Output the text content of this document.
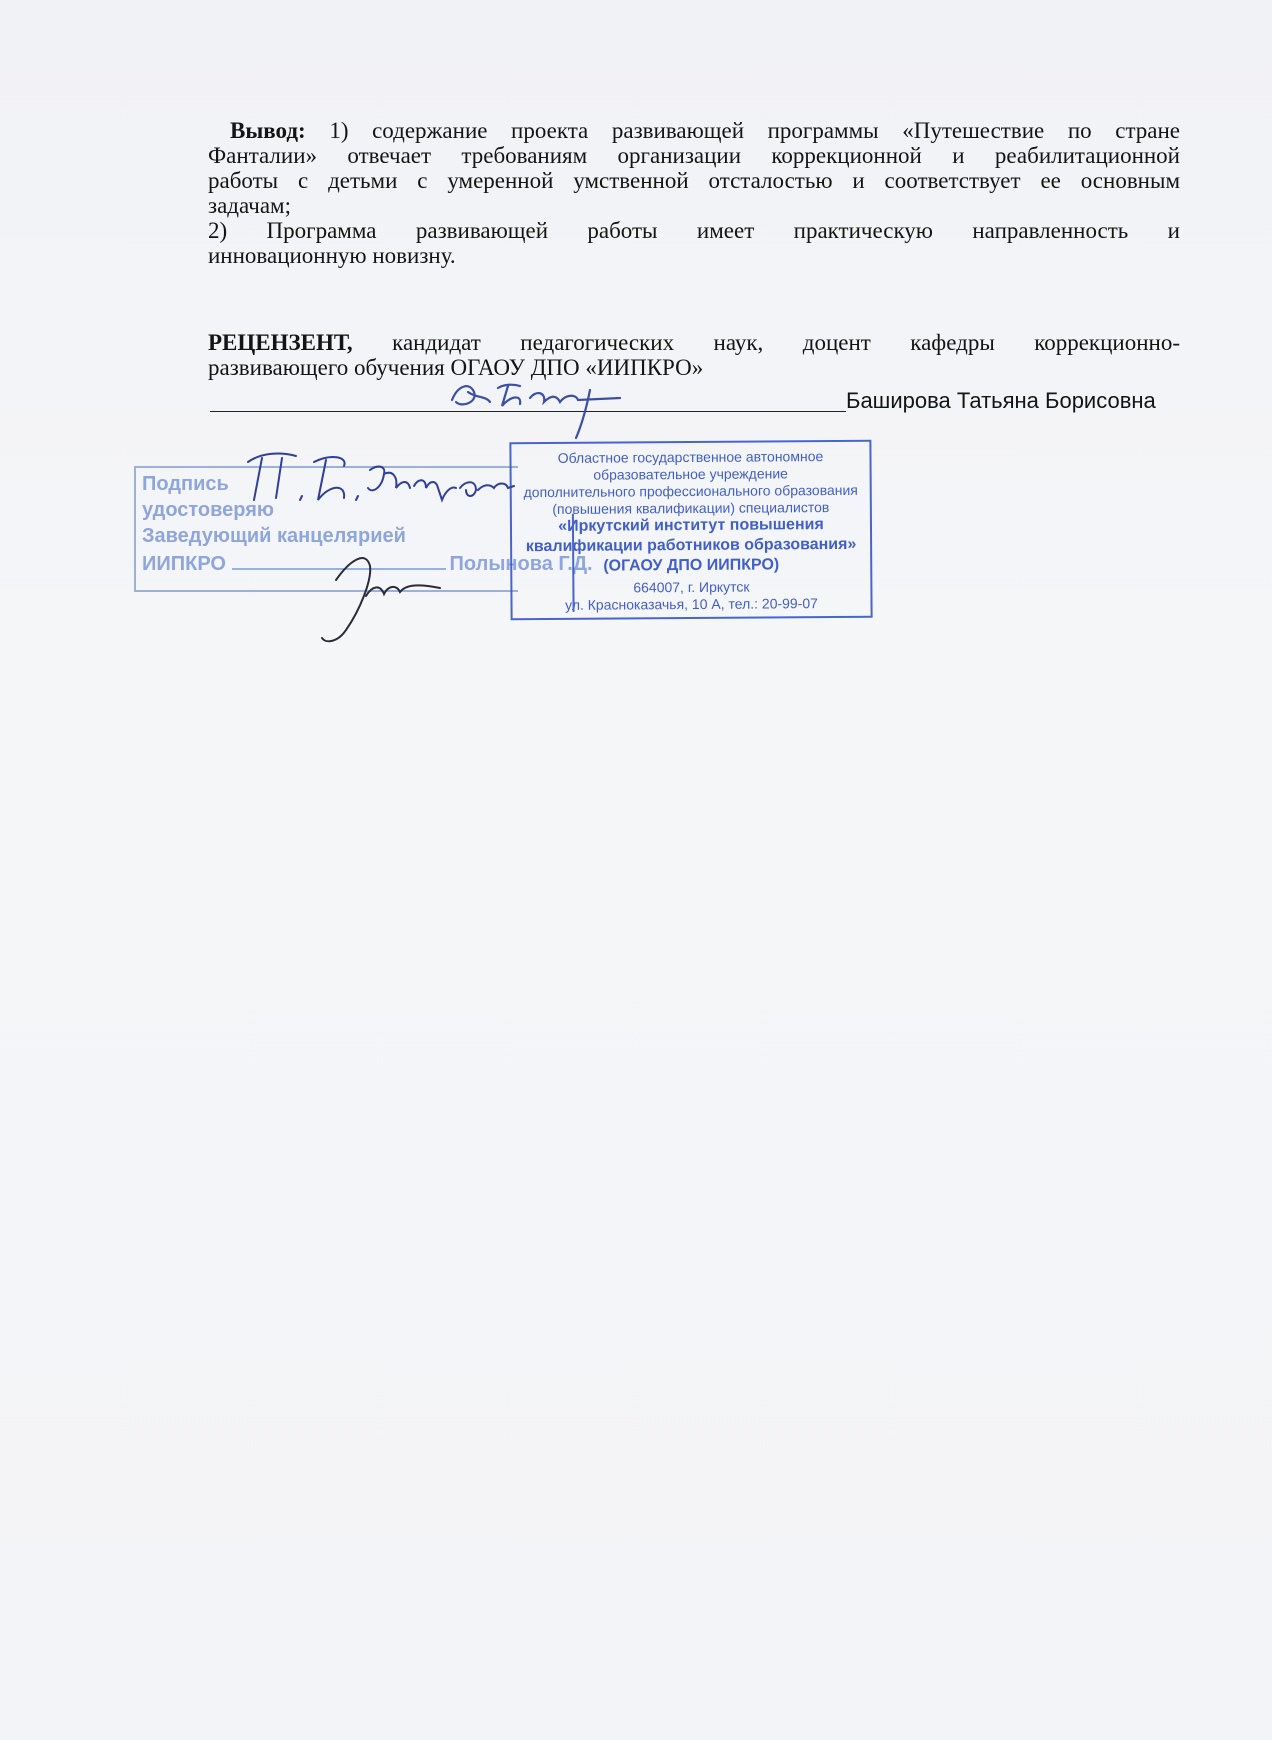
Вывод: 1) содержание проекта развивающей программы «Путешествие по стране
Фанталии» отвечает требованиям организации коррекционной и реабилитационной
работы с детьми с умеренной умственной отсталостью и соответствует ее основным
задачам;
2) Программа развивающей работы имеет практическую направленность и
инновационную новизну.
РЕЦЕНЗЕНТ, кандидат педагогических наук, доцент кафедры коррекционно-
развивающего обучения ОГАОУ ДПО «ИИПКРО»
Баширова Татьяна Борисовна
Подпись
удостоверяю
Заведующий канцелярией
ИИПКРО	Полынова Г.Д.
Областное государственное автономное
образовательное учреждение
дополнительного профессионального образования
(повышения квалификации) специалистов
«Иркутский институт повышения
квалификации работников образования»
(ОГАОУ ДПО ИИПКРО)
664007, г. Иркутск
ул. Красноказачья, 10 А, тел.: 20-99-07
